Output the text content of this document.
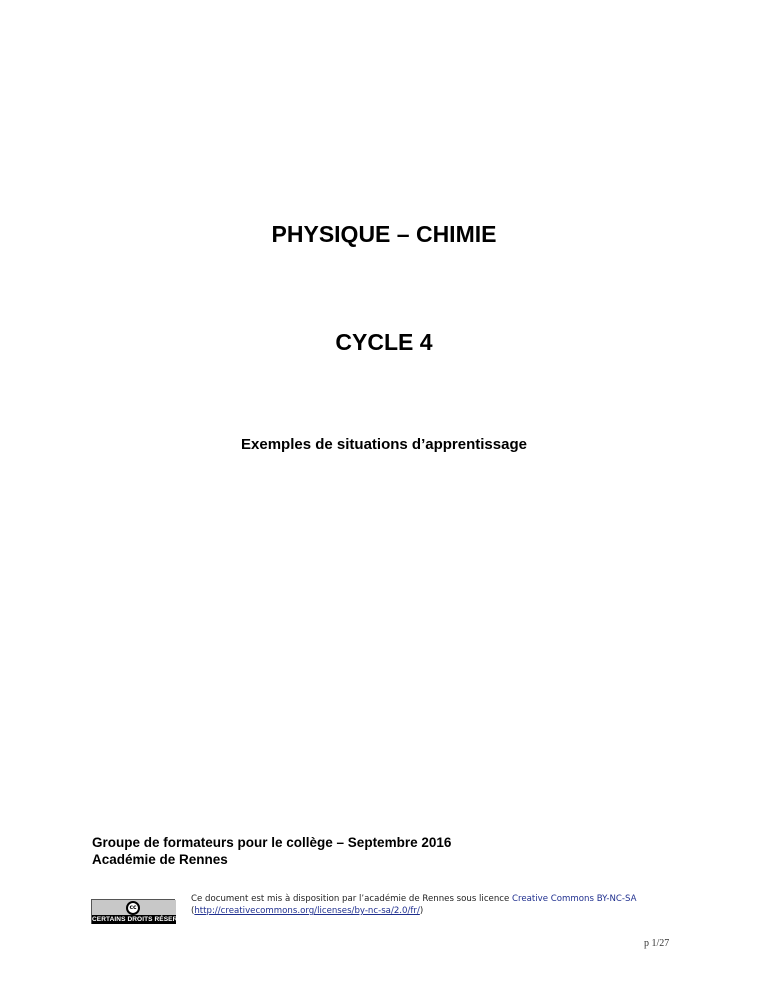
PHYSIQUE – CHIMIE
CYCLE 4
Exemples de situations d’apprentissage
Groupe de formateurs pour le collège – Septembre 2016
Académie de Rennes
cc
CERTAINS DROITS RÉSERVÉS
Ce document est mis à disposition par l’académie de Rennes sous licence Creative Commons BY-NC-SA
(http://creativecommons.org/licenses/by-nc-sa/2.0/fr/)
p 1/27
